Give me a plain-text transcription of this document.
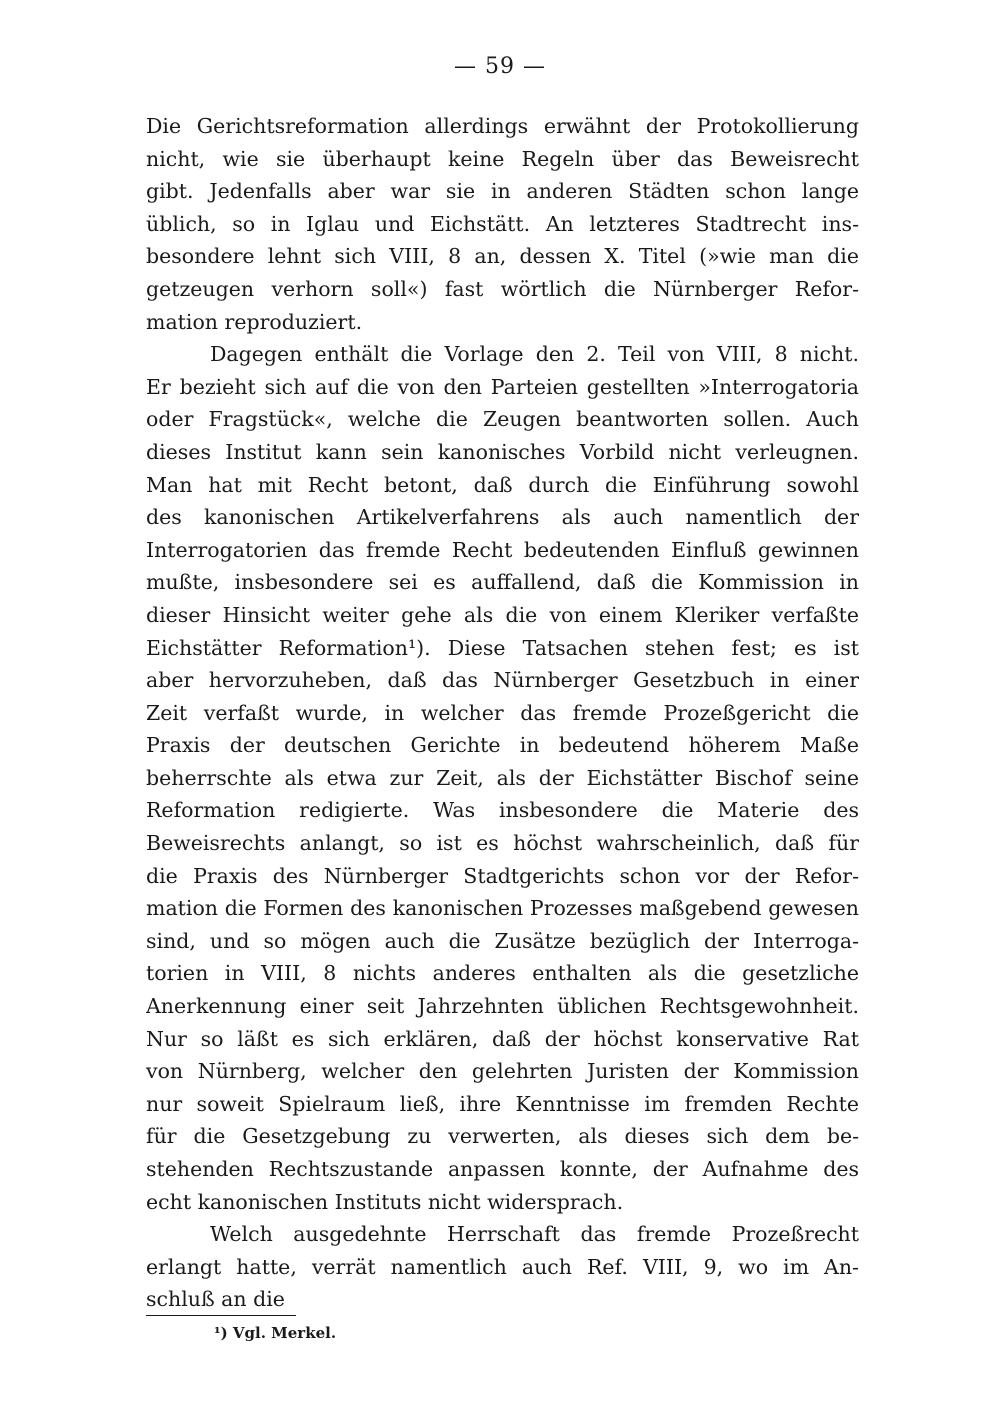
— 59 —
Die Gerichtsreformation allerdings erwähnt der Protokollierung
nicht, wie sie überhaupt keine Regeln über das Beweisrecht
gibt. Jedenfalls aber war sie in anderen Städten schon lange
üblich, so in Iglau und Eichstätt. An letzteres Stadtrecht ins-
besondere lehnt sich VIII, 8 an, dessen X. Titel (»wie man die
getzeugen verhorn soll«) fast wörtlich die Nürnberger Refor-
mation reproduziert.
Dagegen enthält die Vorlage den 2. Teil von VIII, 8 nicht.
Er bezieht sich auf die von den Parteien gestellten »Interrogatoria
oder Fragstück«, welche die Zeugen beantworten sollen. Auch
dieses Institut kann sein kanonisches Vorbild nicht verleugnen.
Man hat mit Recht betont, daß durch die Einführung sowohl
des kanonischen Artikelverfahrens als auch namentlich der
Interrogatorien das fremde Recht bedeutenden Einfluß gewinnen
mußte, insbesondere sei es auffallend, daß die Kommission in
dieser Hinsicht weiter gehe als die von einem Kleriker verfaßte
Eichstätter Reformation¹). Diese Tatsachen stehen fest; es ist
aber hervorzuheben, daß das Nürnberger Gesetzbuch in einer
Zeit verfaßt wurde, in welcher das fremde Prozeßgericht die
Praxis der deutschen Gerichte in bedeutend höherem Maße
beherrschte als etwa zur Zeit, als der Eichstätter Bischof seine
Reformation redigierte. Was insbesondere die Materie des
Beweisrechts anlangt, so ist es höchst wahrscheinlich, daß für
die Praxis des Nürnberger Stadtgerichts schon vor der Refor-
mation die Formen des kanonischen Prozesses maßgebend gewesen
sind, und so mögen auch die Zusätze bezüglich der Interroga-
torien in VIII, 8 nichts anderes enthalten als die gesetzliche
Anerkennung einer seit Jahrzehnten üblichen Rechtsgewohnheit.
Nur so läßt es sich erklären, daß der höchst konservative Rat
von Nürnberg, welcher den gelehrten Juristen der Kommission
nur soweit Spielraum ließ, ihre Kenntnisse im fremden Rechte
für die Gesetzgebung zu verwerten, als dieses sich dem be-
stehenden Rechtszustande anpassen konnte, der Aufnahme des
echt kanonischen Instituts nicht widersprach.
Welch ausgedehnte Herrschaft das fremde Prozeßrecht
erlangt hatte, verrät namentlich auch Ref. VIII, 9, wo im An-
schluß an die
¹) Vgl. Merkel.
